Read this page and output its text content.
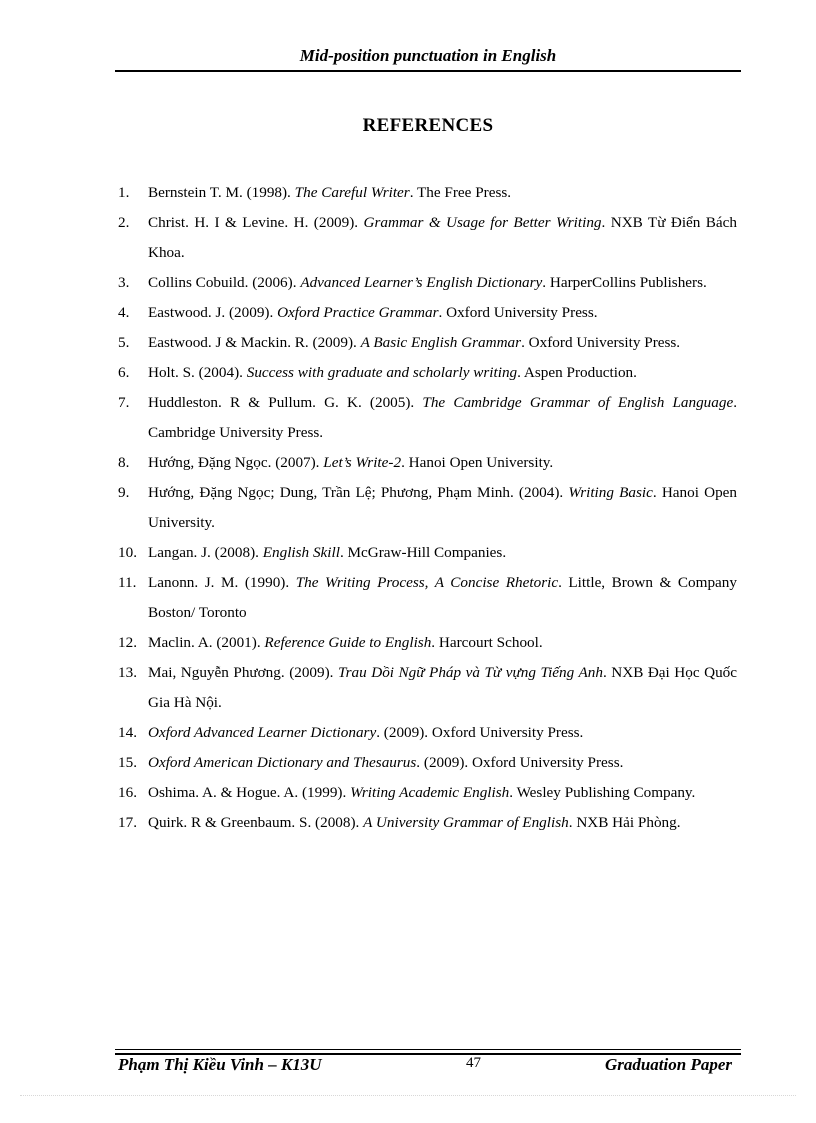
Mid-position punctuation in English
REFERENCES
1. Bernstein T. M. (1998). The Careful Writer. The Free Press.
2. Christ. H. I & Levine. H. (2009). Grammar & Usage for Better Writing. NXB Từ Điển Bách Khoa.
3. Collins Cobuild. (2006). Advanced Learner’s English Dictionary. HarperCollins Publishers.
4. Eastwood. J. (2009). Oxford Practice Grammar. Oxford University Press.
5. Eastwood. J & Mackin. R. (2009). A Basic English Grammar. Oxford University Press.
6. Holt. S. (2004). Success with graduate and scholarly writing. Aspen Production.
7. Huddleston. R & Pullum. G. K. (2005). The Cambridge Grammar of English Language. Cambridge University Press.
8. Hướng, Đặng Ngọc. (2007). Let’s Write-2. Hanoi Open University.
9. Hướng, Đặng Ngọc; Dung, Trần Lệ; Phương, Phạm Minh. (2004). Writing Basic. Hanoi Open University.
10. Langan. J. (2008). English Skill. McGraw-Hill Companies.
11. Lanonn. J. M. (1990). The Writing Process, A Concise Rhetoric. Little, Brown & Company Boston/ Toronto
12. Maclin. A. (2001). Reference Guide to English. Harcourt School.
13. Mai, Nguyễn Phương. (2009). Trau Dồi Ngữ Pháp và Từ vựng Tiếng Anh. NXB Đại Học Quốc Gia Hà Nội.
14. Oxford Advanced Learner Dictionary. (2009). Oxford University Press.
15. Oxford American Dictionary and Thesaurus. (2009). Oxford University Press.
16. Oshima. A. & Hogue. A. (1999). Writing Academic English. Wesley Publishing Company.
17. Quirk. R & Greenbaum. S. (2008). A University Grammar of English. NXB Hải Phòng.
Phạm Thị Kiều Vinh – K13U	47	Graduation Paper
